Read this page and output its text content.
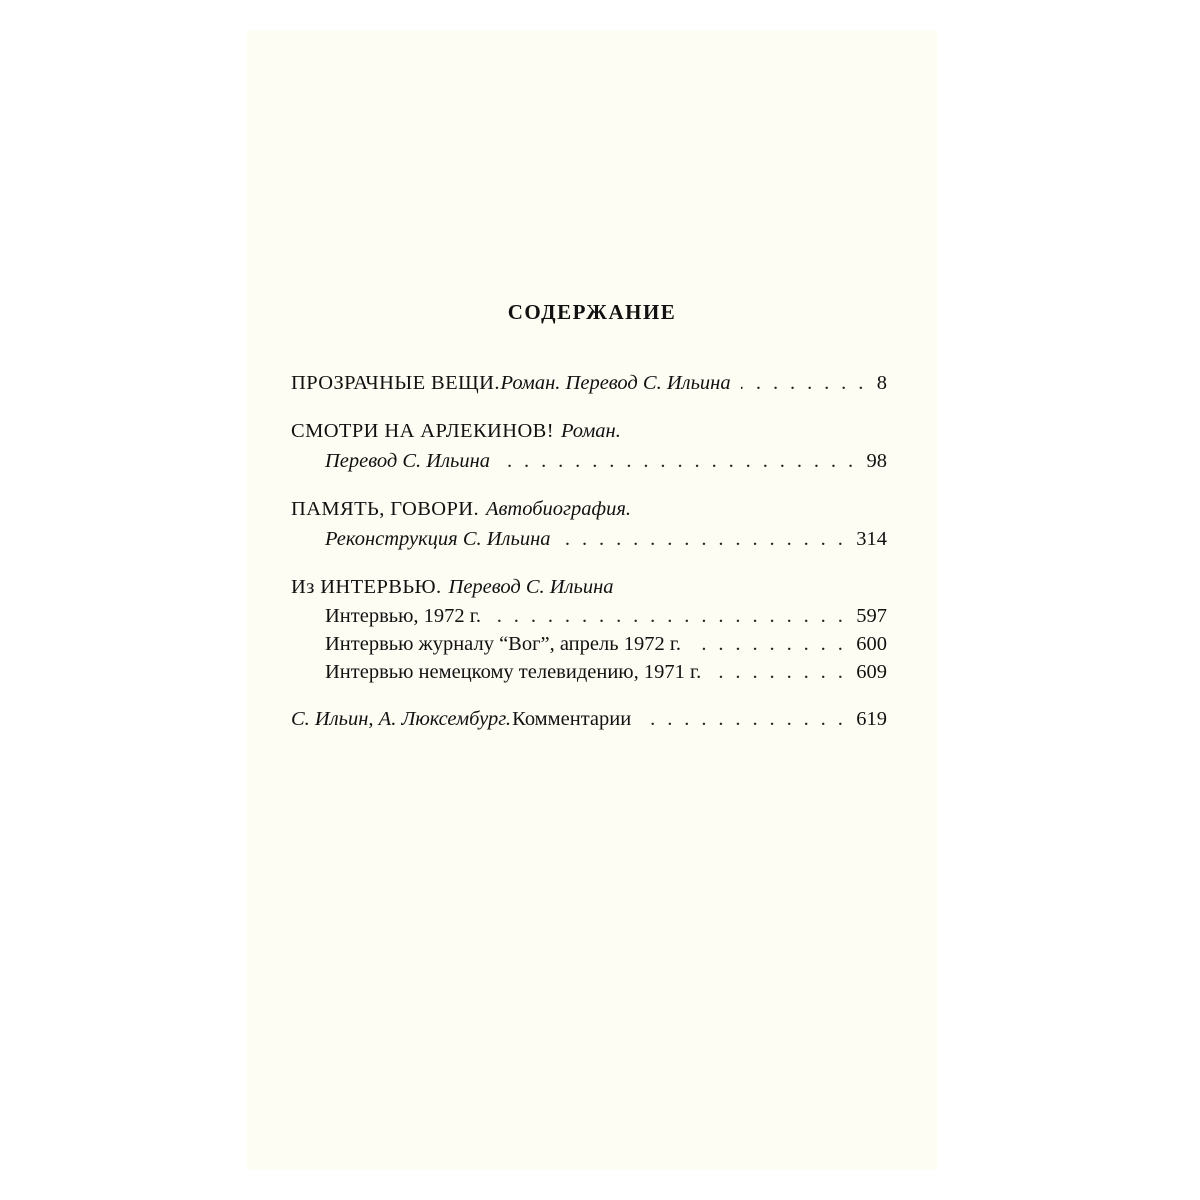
СОДЕРЖАНИЕ
ПРОЗРАЧНЫЕ ВЕЩИ. Роман. Перевод С. Ильина . . .	8
СМОТРИ НА АРЛЕКИНОВ! Роман.
Перевод С. Ильина . . .	98
ПАМЯТЬ, ГОВОРИ. Автобиография.
Реконструкция С. Ильина . . .	314
Из ИНТЕРВЬЮ. Перевод С. Ильина
Интервью, 1972 г. . . .	597
Интервью журналу “Вог”, апрель 1972 г. . . .	600
Интервью немецкому телевидению, 1971 г. . . .	609
С. Ильин, А. Люксембург. Комментарии . . .	619
